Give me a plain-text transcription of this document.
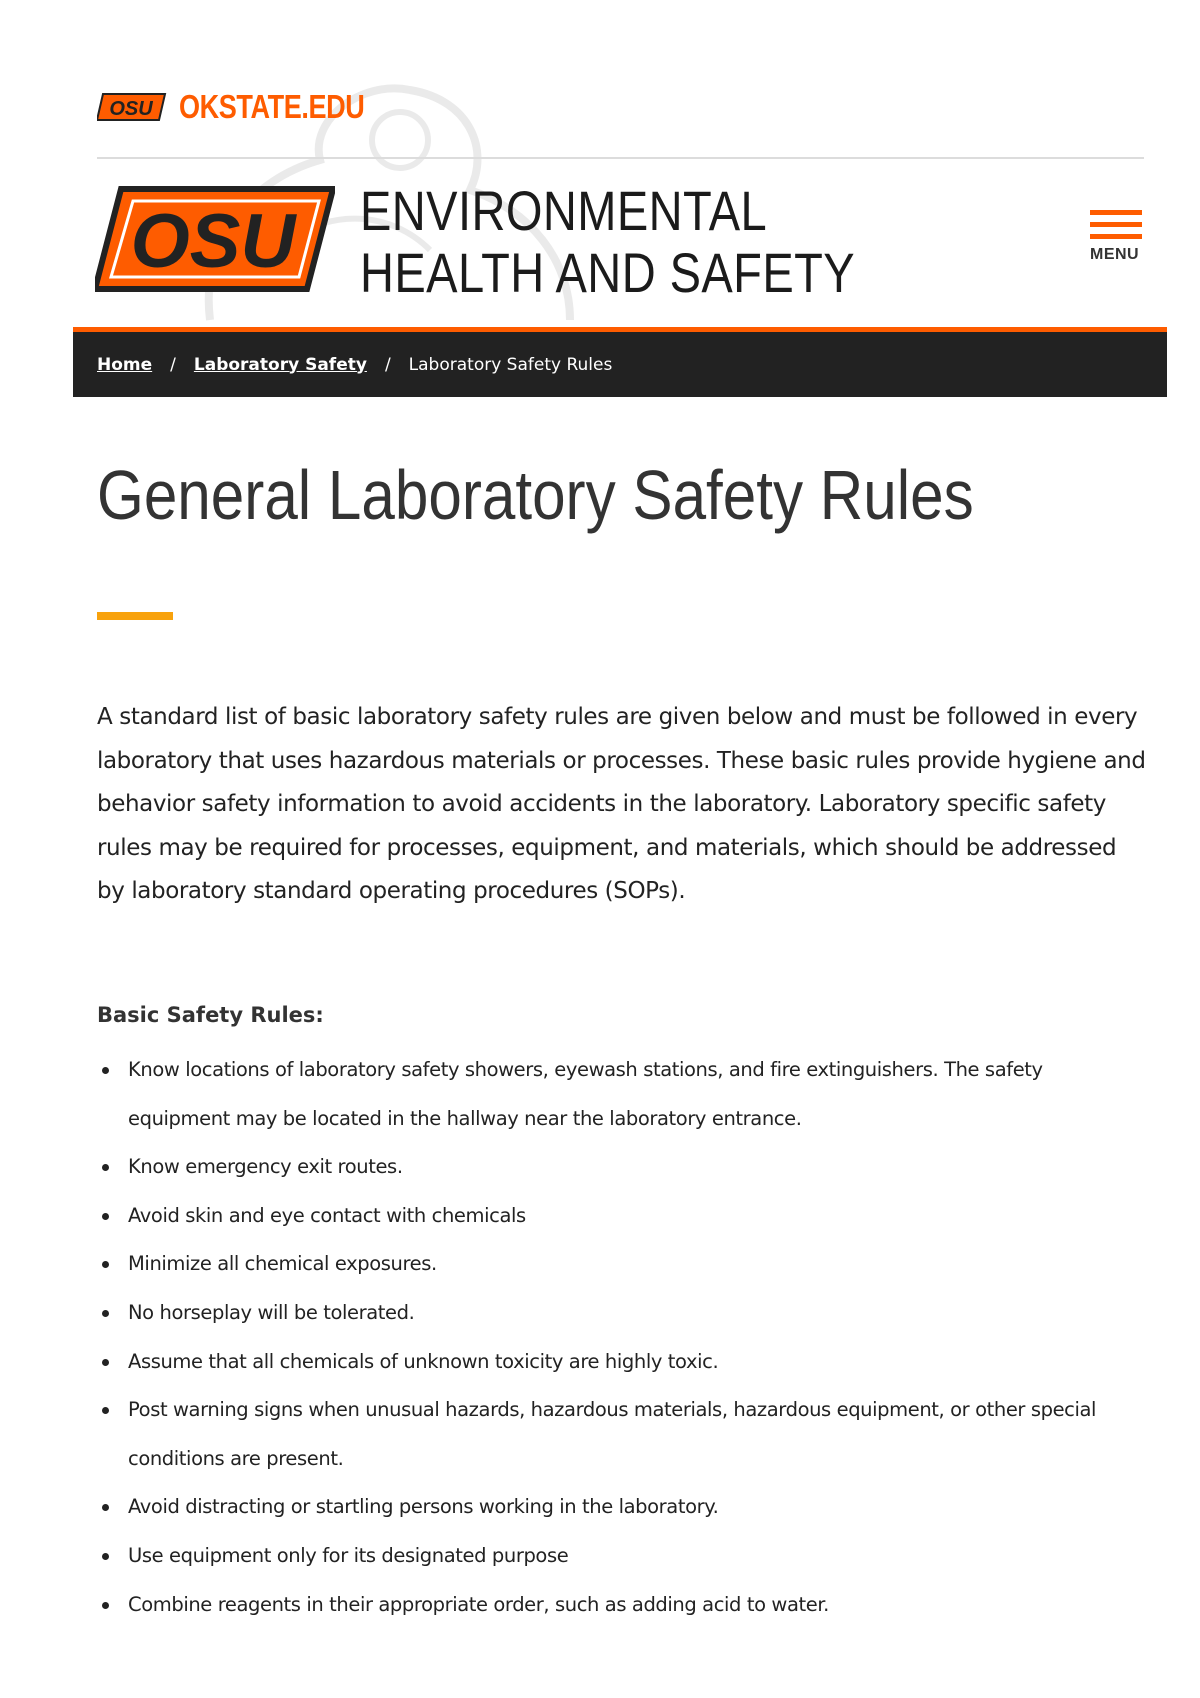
OSU OKSTATE.EDU
OSU ENVIRONMENTAL HEALTH AND SAFETY	MENU
Home / Laboratory Safety / Laboratory Safety Rules
General Laboratory Safety Rules

A standard list of basic laboratory safety rules are given below and must be followed in every laboratory that uses hazardous materials or processes. These basic rules provide hygiene and behavior safety information to avoid accidents in the laboratory. Laboratory specific safety rules may be required for processes, equipment, and materials, which should be addressed by laboratory standard operating procedures (SOPs).

Basic Safety Rules:
Know locations of laboratory safety showers, eyewash stations, and fire extinguishers. The safety equipment may be located in the hallway near the laboratory entrance.
Know emergency exit routes.
Avoid skin and eye contact with chemicals
Minimize all chemical exposures.
No horseplay will be tolerated.
Assume that all chemicals of unknown toxicity are highly toxic.
Post warning signs when unusual hazards, hazardous materials, hazardous equipment, or other special conditions are present.
Avoid distracting or startling persons working in the laboratory.
Use equipment only for its designated purpose
Combine reagents in their appropriate order, such as adding acid to water.
